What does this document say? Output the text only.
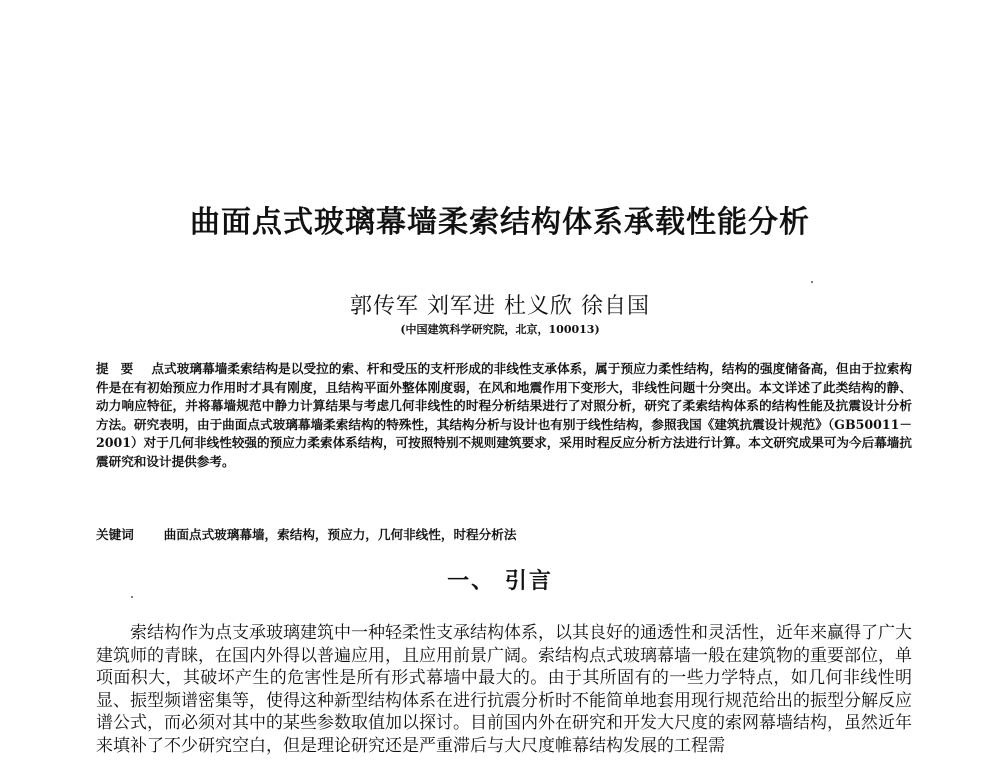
曲面点式玻璃幕墙柔索结构体系承载性能分析
郭传军 刘军进 杜义欣 徐自国
(中国建筑科学研究院，北京，100013)

提要 点式玻璃幕墙柔索结构是以受拉的索、杆和受压的支杆形成的非线性支承体系，属于预应力柔性结构，结构的强度储备高，但由于拉索构件是在有初始预应力作用时才具有刚度，且结构平面外整体刚度弱，在风和地震作用下变形大，非线性问题十分突出。本文详述了此类结构的静、动力响应特征，并将幕墙规范中静力计算结果与考虑几何非线性的时程分析结果进行了对照分析，研究了柔索结构体系的结构性能及抗震设计分析方法。研究表明，由于曲面点式玻璃幕墙柔索结构的特殊性，其结构分析与设计也有别于线性结构，参照我国《建筑抗震设计规范》（GB50011－2001）对于几何非线性较强的预应力柔索体系结构，可按照特别不规则建筑要求，采用时程反应分析方法进行计算。本文研究成果可为今后幕墙抗震研究和设计提供参考。

关键词 曲面点式玻璃幕墙，索结构，预应力，几何非线性，时程分析法
一、 引言

索结构作为点支承玻璃建筑中一种轻柔性支承结构体系，以其良好的通透性和灵活性，近年来赢得了广大建筑师的青睐，在国内外得以普遍应用，且应用前景广阔。索结构点式玻璃幕墙一般在建筑物的重要部位，单项面积大，其破坏产生的危害性是所有形式幕墙中最大的。由于其所固有的一些力学特点，如几何非线性明显、振型频谱密集等，使得这种新型结构体系在进行抗震分析时不能简单地套用现行规范给出的振型分解反应谱公式，而必须对其中的某些参数取值加以探讨。目前国内外在研究和开发大尺度的索网幕墙结构，虽然近年来填补了不少研究空白，但是理论研究还是严重滞后与大尺度帷幕结构发展的工程需
